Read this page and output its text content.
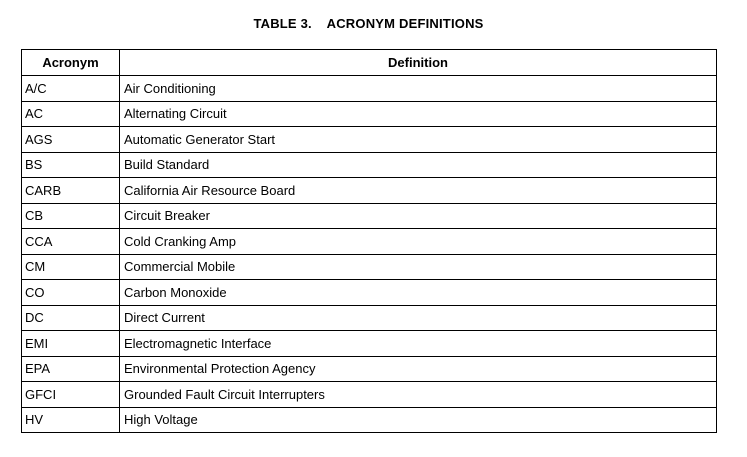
TABLE 3.    ACRONYM DEFINITIONS
Acronym	Definition
A/C	Air Conditioning
AC	Alternating Circuit
AGS	Automatic Generator Start
BS	Build Standard
CARB	California Air Resource Board
CB	Circuit Breaker
CCA	Cold Cranking Amp
CM	Commercial Mobile
CO	Carbon Monoxide
DC	Direct Current
EMI	Electromagnetic Interface
EPA	Environmental Protection Agency
GFCI	Grounded Fault Circuit Interrupters
HV	High Voltage
